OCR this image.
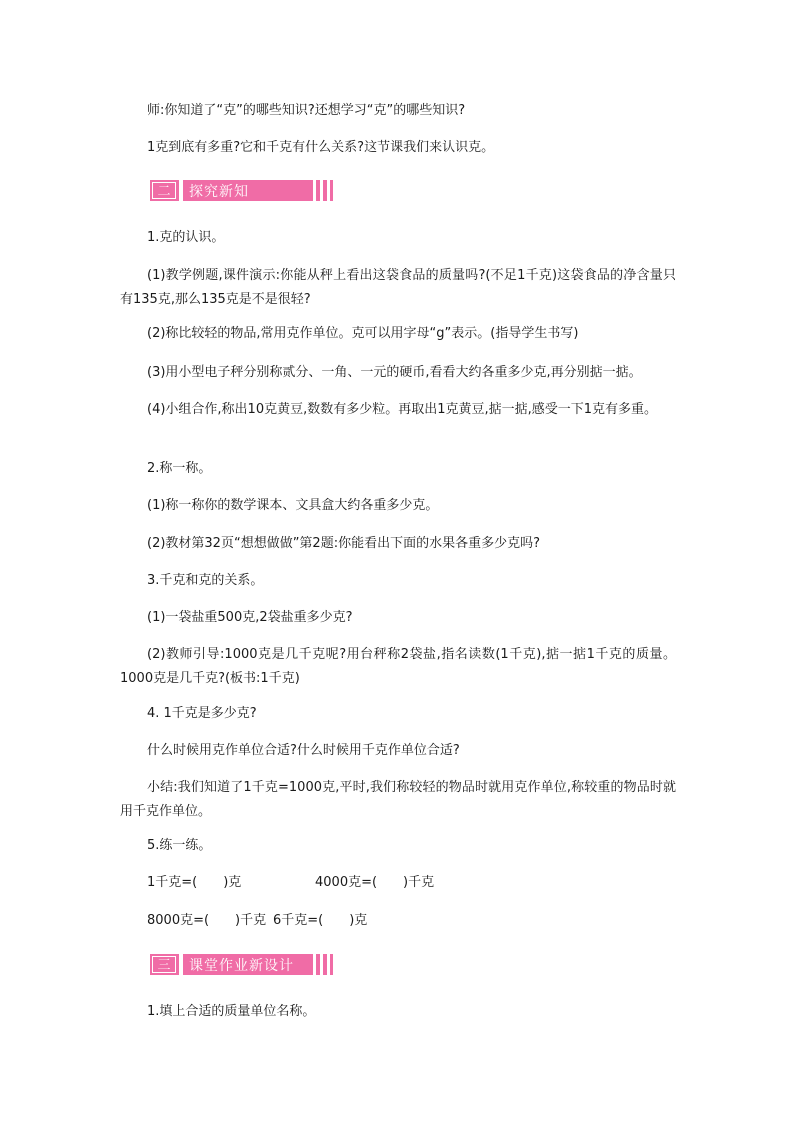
师:你知道了“克”的哪些知识?还想学习“克”的哪些知识?

1克到底有多重?它和千克有什么关系?这节课我们来认识克。

二	探究新知

1.克的认识。

(1)教学例题,课件演示:你能从秤上看出这袋食品的质量吗?(不足1千克)这袋食品的净含量只有135克,那么135克是不是很轻?

(2)称比较轻的物品,常用克作单位。克可以用字母“g”表示。(指导学生书写)

(3)用小型电子秤分别称贰分、一角、一元的硬币,看看大约各重多少克,再分别掂一掂。

(4)小组合作,称出10克黄豆,数数有多少粒。再取出1克黄豆,掂一掂,感受一下1克有多重。

2.称一称。

(1)称一称你的数学课本、文具盒大约各重多少克。

(2)教材第32页“想想做做”第2题:你能看出下面的水果各重多少克吗?

3.千克和克的关系。

(1)一袋盐重500克,2袋盐重多少克?

(2)教师引导:1000克是几千克呢?用台秤称2袋盐,指名读数(1千克),掂一掂1千克的质量。1000克是几千克?(板书:1千克)

4. 1千克是多少克?

什么时候用克作单位合适?什么时候用千克作单位合适?

小结:我们知道了1千克=1000克,平时,我们称较轻的物品时就用克作单位,称较重的物品时就用千克作单位。

5.练一练。

1千克=(　　)克	4000克=(　　)千克

8000克=(　　)千克 6千克=(　　)克

三	课堂作业新设计

1.填上合适的质量单位名称。
